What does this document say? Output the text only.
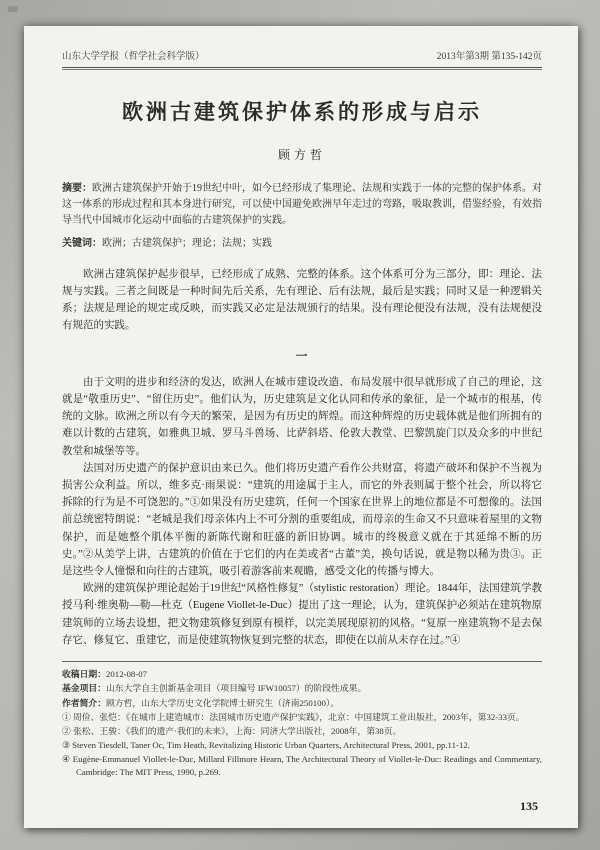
山东大学学报（哲学社会科学版）	2013年第3期 第135-142页
欧洲古建筑保护体系的形成与启示
顾方哲

摘要：欧洲古建筑保护开始于19世纪中叶，如今已经形成了集理论、法规和实践于一体的完整的保护体系。对这一体系的形成过程和其本身进行研究，可以使中国避免欧洲早年走过的弯路，吸取教训，借鉴经验，有效指导当代中国城市化运动中面临的古建筑保护的实践。

关键词：欧洲；古建筑保护；理论；法规；实践

欧洲古建筑保护起步很早，已经形成了成熟、完整的体系。这个体系可分为三部分，即：理论、法规与实践。三者之间既是一种时间先后关系，先有理论、后有法规，最后是实践；同时又是一种逻辑关系；法规是理论的规定或反映，而实践又必定是法规颁行的结果。没有理论便没有法规，没有法规便没有规范的实践。

一

由于文明的进步和经济的发达，欧洲人在城市建设改造、布局发展中很早就形成了自己的理论，这就是“敬重历史”、“留住历史”。他们认为，历史建筑是文化认同和传承的象征，是一个城市的根基，传统的文脉。欧洲之所以有今天的繁荣，是因为有历史的辉煌。而这种辉煌的历史载体就是他们所拥有的难以计数的古建筑，如雅典卫城、罗马斗兽场、比萨斜塔、伦敦大教堂、巴黎凯旋门以及众多的中世纪教堂和城堡等等。

法国对历史遗产的保护意识由来已久。他们将历史遗产看作公共财富，将遗产破坏和保护不当视为损害公众利益。所以，维多克·雨果说：“建筑的用途属于主人，而它的外表则属于整个社会，所以将它拆除的行为是不可饶恕的。”①如果没有历史建筑，任何一个国家在世界上的地位都是不可想像的。法国前总统密特朗说：“老城是我们母亲体内上不可分割的重要组成，而母亲的生命又不只意味着屋里的文物保护，而是她整个肌体平衡的新陈代谢和旺盛的新旧协调。城市的终极意义就在于其延绵不断的历史。”②从美学上讲，古建筑的价值在于它们的内在美或者“古董”美，换句话说，就是物以稀为贵③。正是这些令人憧憬和向往的古建筑，吸引着游客前来观瞻，感受文化的传播与博大。

欧洲的建筑保护理论起始于19世纪“风格性修复”（stylistic restoration）理论。1844年，法国建筑学教授马利·维奥勒—勒—杜克（Eugene Viollet-le-Duc）提出了这一理论，认为，建筑保护必须站在建筑物原建筑师的立场去设想，把文物建筑修复到原有模样，以完美展现原初的风格。“复原一座建筑物不是去保存它、修复它、重建它，而是使建筑物恢复到完整的状态，即使在以前从未存在过。”④

收稿日期：2012-08-07

基金项目：山东大学自主创新基金项目（项目编号 IFW10057）的阶段性成果。

作者简介：顾方哲，山东大学历史文化学院博士研究生（济南250100）。

① 周俭、张恺：《在城市上建造城市：法国城市历史遗产保护实践》，北京：中国建筑工业出版社，2003年，第32-33页。

② 张松、王骏：《我们的遗产·我们的未来》，上海：同济大学出版社，2008年，第38页。

③ Steven Tiesdell, Taner Oc, Tim Heath, Revitalizing Historic Urban Quarters, Architectural Press, 2001, pp.11-12.

④ Eugène-Emmanuel Viollet-le-Duc, Millard Fillmore Hearn, The Architectural Theory of Viollet-le-Duc: Readings and Commentary, Cambridge: The MIT Press, 1990, p.269.

135
